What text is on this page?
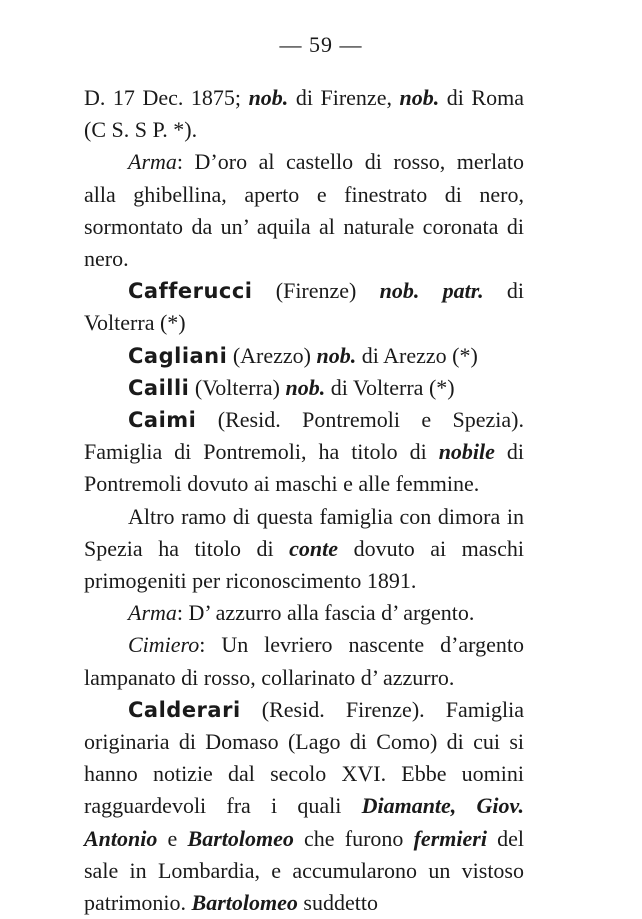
— 59 —

D. 17 Dec. 1875; nob. di Firenze, nob. di Roma (C S. S P. *).

Arma: D’oro al castello di rosso, merlato alla ghibellina, aperto e finestrato di nero, sormontato da un’ aquila al naturale coronata di nero.

Cafferucci (Firenze) nob. patr. di Volterra (*)

Cagliani (Arezzo) nob. di Arezzo (*)

Cailli (Volterra) nob. di Volterra (*)

Caimi (Resid. Pontremoli e Spezia). Famiglia di Pontremoli, ha titolo di nobile di Pontremoli dovuto ai maschi e alle femmine.

Altro ramo di questa famiglia con dimora in Spezia ha titolo di conte dovuto ai maschi primogeniti per riconoscimento 1891.

Arma: D’ azzurro alla fascia d’ argento.

Cimiero: Un levriero nascente d’argento lampanato di rosso, collarinato d’ azzurro.

Calderari (Resid. Firenze). Famiglia originaria di Domaso (Lago di Como) di cui si hanno notizie dal secolo XVI. Ebbe uomini ragguardevoli fra i quali Diamante, Giov. Antonio e Bartolomeo che furono fermieri del sale in Lombardia, e accumularono un vistoso patrimonio. Bartolomeo suddetto
